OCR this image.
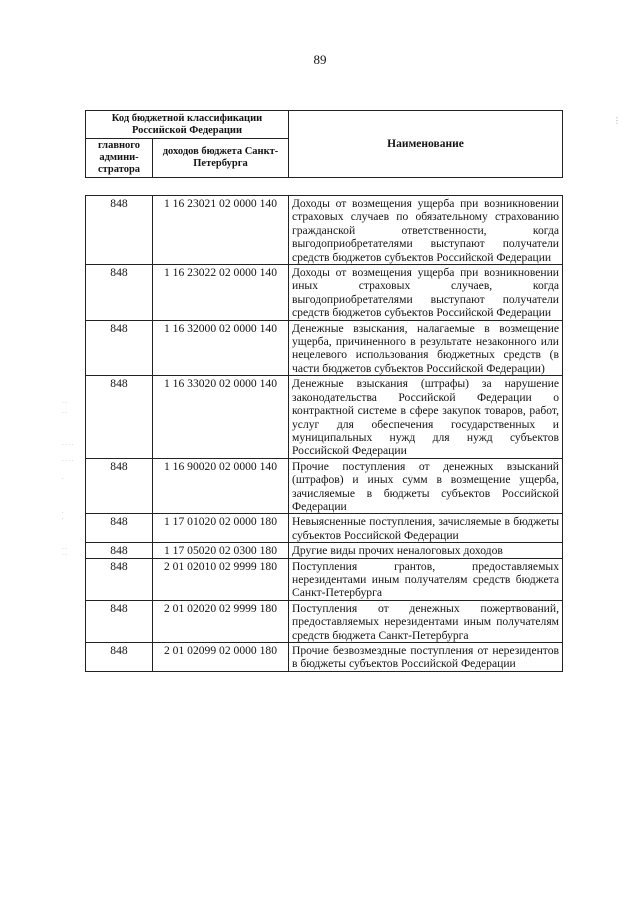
89
⋮
· ·
· ·
· · · ·
· · · ·
·
·
·
· ·
· ·
Код бюджетной классификации Российской Федерации		Наименование
главного админи-стратора	доходов бюджета Санкт-Петербурга	
848	1 16 23021 02 0000 140	Доходы от возмещения ущерба при возникновении страховых случаев по обязательному страхованию гражданской ответственности, когда выгодоприобретателями выступают получатели средств бюджетов субъектов Российской Федерации
848	1 16 23022 02 0000 140	Доходы от возмещения ущерба при возникновении иных страховых случаев, когда выгодоприобретателями выступают получатели средств бюджетов субъектов Российской Федерации
848	1 16 32000 02 0000 140	Денежные взыскания, налагаемые в возмещение ущерба, причиненного в результате незаконного или нецелевого использования бюджетных средств (в части бюджетов субъектов Российской Федерации)
848	1 16 33020 02 0000 140	Денежные взыскания (штрафы) за нарушение законодательства Российской Федерации о контрактной системе в сфере закупок товаров, работ, услуг для обеспечения государственных и муниципальных нужд для нужд субъектов Российской Федерации
848	1 16 90020 02 0000 140	Прочие поступления от денежных взысканий (штрафов) и иных сумм в возмещение ущерба, зачисляемые в бюджеты субъектов Российской Федерации
848	1 17 01020 02 0000 180	Невыясненные поступления, зачисляемые в бюджеты субъектов Российской Федерации
848	1 17 05020 02 0300 180	Другие виды прочих неналоговых доходов
848	2 01 02010 02 9999 180	Поступления грантов, предоставляемых нерезидентами иным получателям средств бюджета Санкт-Петербурга
848	2 01 02020 02 9999 180	Поступления от денежных пожертвований, предоставляемых нерезидентами иным получателям средств бюджета Санкт-Петербурга
848	2 01 02099 02 0000 180	Прочие безвозмездные поступления от нерезидентов в бюджеты субъектов Российской Федерации
